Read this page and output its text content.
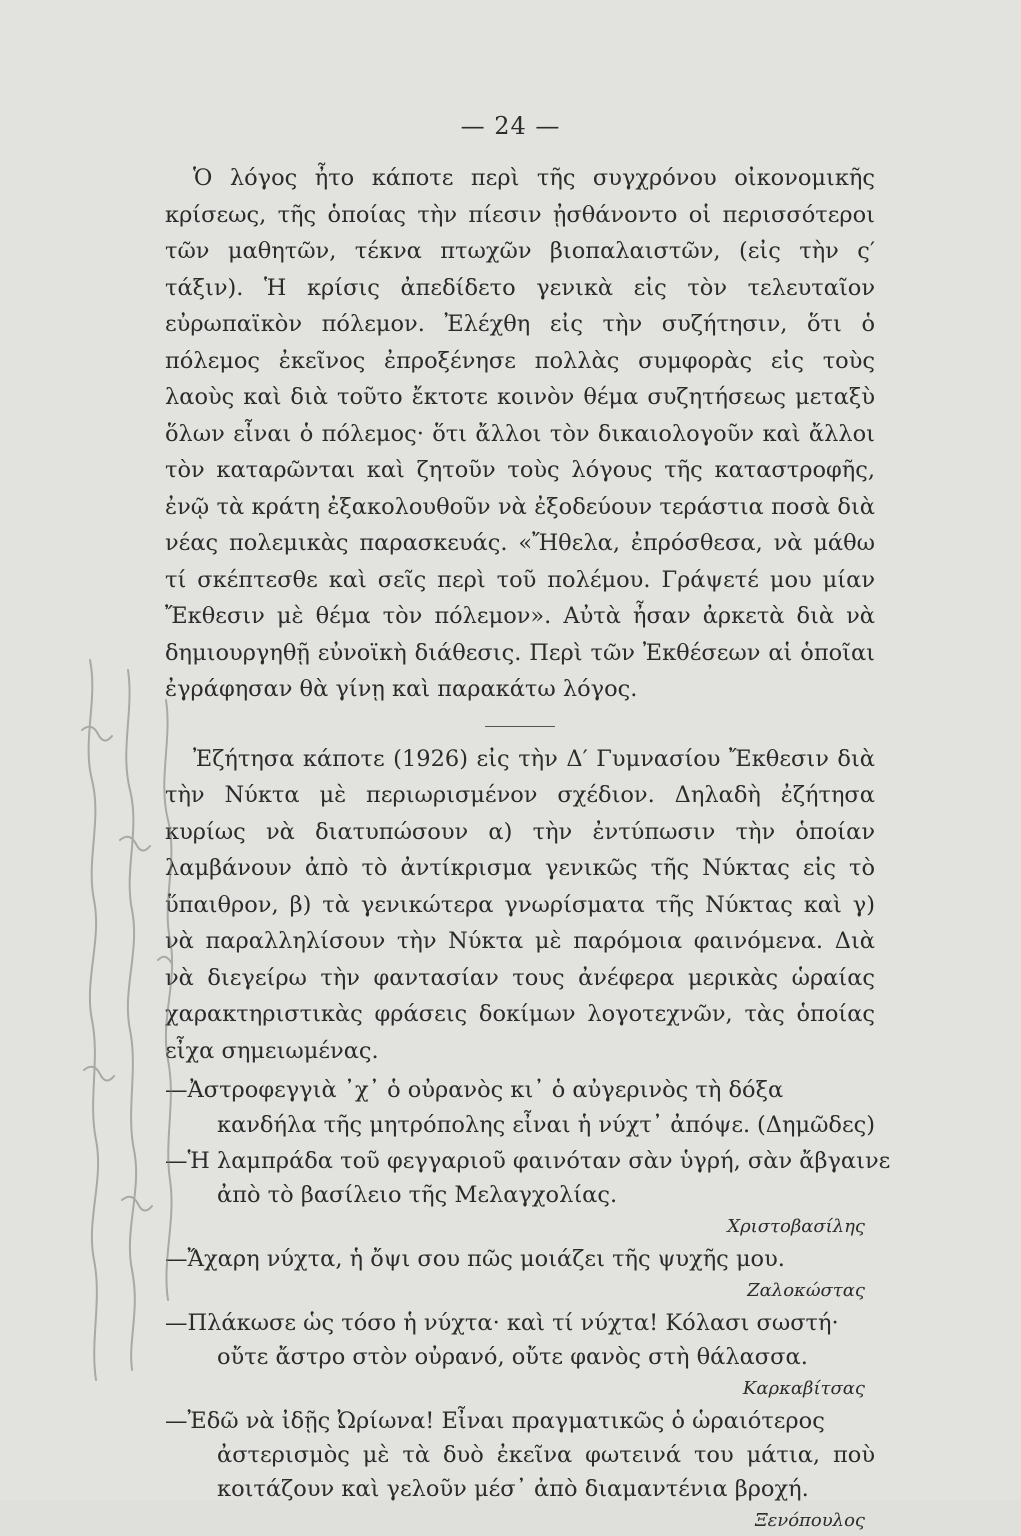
— 24 —

Ὁ λόγος ἦτο κάποτε περὶ τῆς συγχρόνου οἰκονομικῆς κρίσεως, τῆς ὁποίας τὴν πίεσιν ᾐσθάνοντο οἱ περισσότεροι τῶν μαθητῶν, τέκνα πτωχῶν βιοπαλαιστῶν, (εἰς τὴν ς′ τάξιν). Ἡ κρίσις ἀπεδίδετο γενικὰ εἰς τὸν τελευταῖον εὐρωπαϊκὸν πόλεμον. Ἐλέχθη εἰς τὴν συζήτησιν, ὅτι ὁ πόλεμος ἐκεῖνος ἐπροξένησε πολλὰς συμφορὰς εἰς τοὺς λαοὺς καὶ διὰ τοῦτο ἔκτοτε κοινὸν θέμα συζητήσεως μεταξὺ ὅλων εἶναι ὁ πόλεμος· ὅτι ἄλλοι τὸν δικαιολογοῦν καὶ ἄλλοι τὸν καταρῶνται καὶ ζητοῦν τοὺς λόγους τῆς καταστροφῆς, ἐνῷ τὰ κράτη ἐξακολουθοῦν νὰ ἐξοδεύουν τεράστια ποσὰ διὰ νέας πολεμικὰς παρασκευάς. «Ἤθελα, ἐπρόσθεσα, νὰ μάθω τί σκέπτεσθε καὶ σεῖς περὶ τοῦ πολέμου. Γράψετέ μου μίαν Ἔκθεσιν μὲ θέμα τὸν πόλεμον». Αὐτὰ ἦσαν ἀρκετὰ διὰ νὰ δημιουργηθῇ εὐνοϊκὴ διάθεσις. Περὶ τῶν Ἐκθέσεων αἱ ὁποῖαι ἐγράφησαν θὰ γίνῃ καὶ παρακάτω λόγος.

Ἐζήτησα κάποτε (1926) εἰς τὴν Δ′ Γυμνασίου Ἔκθεσιν διὰ τὴν Νύκτα μὲ περιωρισμένον σχέδιον. Δηλαδὴ ἐζήτησα κυρίως νὰ διατυπώσουν α) τὴν ἐντύπωσιν τὴν ὁποίαν λαμβάνουν ἀπὸ τὸ ἀντίκρισμα γενικῶς τῆς Νύκτας εἰς τὸ ὕπαιθρον, β) τὰ γενικώτερα γνωρίσματα τῆς Νύκτας καὶ γ) νὰ παραλληλίσουν τὴν Νύκτα μὲ παρόμοια φαινόμενα. Διὰ νὰ διεγείρω τὴν φαντασίαν τους ἀνέφερα μερικὰς ὡραίας χαρακτηριστικὰς φράσεις δοκίμων λογοτεχνῶν, τὰς ὁποίας εἶχα σημειωμένας.

—Ἀστροφεγγιὰ ᾽χ᾽ ὁ οὐρανὸς κι᾽ ὁ αὐγερινὸς τὴ δόξα
κανδήλα τῆς μητρόπολης εἶναι ἡ νύχτ᾽ ἀπόψε. (Δημῶδες)
—Ἡ λαμπράδα τοῦ φεγγαριοῦ φαινόταν σὰν ὑγρή, σὰν ἄβγαινε
ἀπὸ τὸ βασίλειο τῆς Μελαγχολίας.

Χριστοβασίλης

—Ἄχαρη νύχτα, ἡ ὄψι σου πῶς μοιάζει τῆς ψυχῆς μου.

Ζαλοκώστας

—Πλάκωσε ὡς τόσο ἡ νύχτα· καὶ τί νύχτα! Κόλασι σωστή·
οὔτε ἄστρο στὸν οὐρανό, οὔτε φανὸς στὴ θάλασσα.

Καρκαβίτσας

—Ἐδῶ νὰ ἰδῇς Ὠρίωνα! Εἶναι πραγματικῶς ὁ ὡραιότερος
ἀστερισμὸς μὲ τὰ δυὸ ἐκεῖνα φωτεινά του μάτια, ποὺ κοιτάζουν καὶ γελοῦν μέσ᾽ ἀπὸ διαμαντένια βροχή.

Ξενόπουλος
